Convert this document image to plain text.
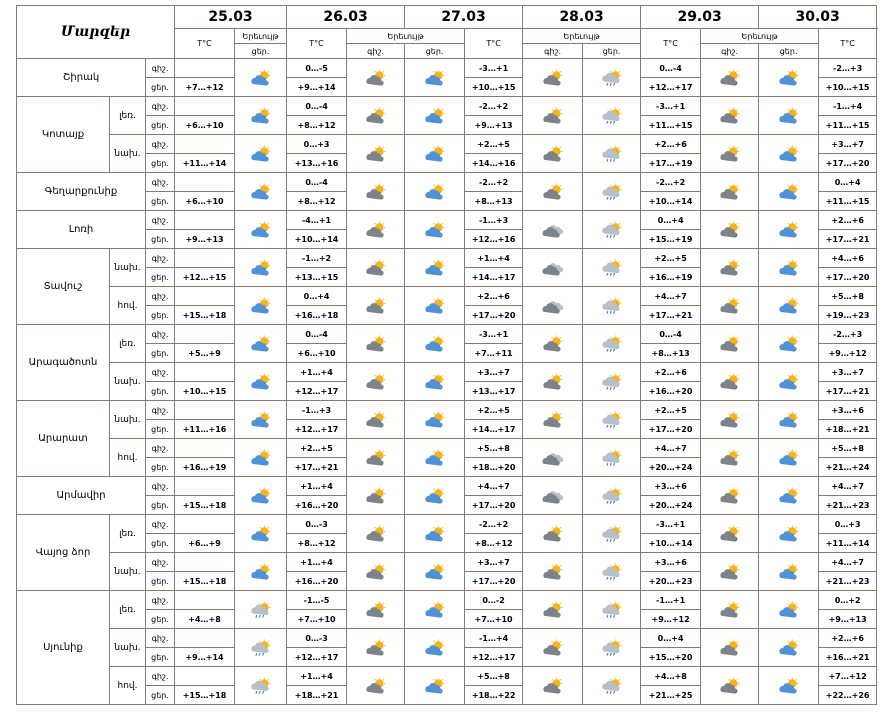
Մարզեր			25.03		26.03		27.03		28.03		29.03		30.03		
			T°C	Երեւույթ	T°C	Երեւույթ		T°C	Երեւույթ		T°C	Երեւույթ		T°C			
				ցեր.		գիշ.	ցեր.		գիշ.	ցեր.		գիշ.	ցեր.				
Շիրակ		գիշ.			0…-5			-3…+1			0…-4			-2…+3	

		ցեր.	+7…+12		+9…+14			+10…+15			+12…+17			+10…+15	
Կոտայք	լեռ.	գիշ.			0…-4			-2…+2			-3…+1			-1…+4	

		ցեր.	+6…+10		+8…+12			+9…+13			+11…+15			+11…+15	
	նախ.	գիշ.			0…+3			+2…+5			+2…+6			+3…+7	

		ցեր.	+11…+14		+13…+16			+14…+16			+17…+19			+17…+20	
Գեղարքունիք		գիշ.			0…-4			-2…+2			-2…+2			0…+4	

		ցեր.	+6…+10		+8…+12			+8…+13			+10…+14			+11…+15	
Լոռի		գիշ.			-4…+1			-1…+3			0…+4			+2…+6	

		ցեր.	+9…+13		+10…+14			+12…+16			+15…+19			+17…+21	
Տավուշ	նախ.	գիշ.			-1…+2			+1…+4			+2…+5			+4…+6	

		ցեր.	+12…+15		+13…+15			+14…+17			+16…+19			+17…+20	
	հով.	գիշ.			0…+4			+2…+6			+4…+7			+5…+8	

		ցեր.	+15…+18		+16…+18			+17…+20			+17…+21			+19…+23	
Արագածոտն	լեռ.	գիշ.			0…-4			-3…+1			0…-4			-2…+3	

		ցեր.	+5…+9		+6…+10			+7…+11			+8…+13			+9…+12	
	նախ.	գիշ.			+1…+4			+3…+7			+2…+6			+3…+7	

		ցեր.	+10…+15		+12…+17			+13…+17			+16…+20			+17…+21	
Արարատ	նախ.	գիշ.			-1…+3			+2…+5			+2…+5			+3…+6	

		ցեր.	+11…+16		+12…+17			+14…+17			+17…+20			+18…+21	
	հով.	գիշ.			+2…+5			+5…+8			+4…+7			+5…+8	

		ցեր.	+16…+19		+17…+21			+18…+20			+20…+24			+21…+24	
Արմավիր		գիշ.			+1…+4			+4…+7			+3…+6			+4…+7	

		ցեր.	+15…+18		+16…+20			+17…+20			+20…+24			+21…+23	
Վայոց ձոր	լեռ.	գիշ.			0…-3			-2…+2			-3…+1			0…+3	

		ցեր.	+6…+9		+8…+12			+8…+12			+10…+14			+11…+14	
	նախ.	գիշ.			+1…+4			+3…+7			+3…+6			+4…+7	

		ցեր.	+15…+18		+16…+20			+17…+20			+20…+23			+21…+23	
Սյունիք	լեռ.	գիշ.			-1…-5			0…-2			-1…+1			0…+2	

		ցեր.	+4…+8		+7…+10			+7…+10			+9…+12			+9…+13	
	նախ.	գիշ.			0…-3			-1…+4			0…+4			+2…+6	

		ցեր.	+9…+14		+12…+17			+12…+17			+15…+20			+16…+21	
	հով.	գիշ.			+1…+4			+5…+8			+4…+8			+7…+12	

		ցեր.	+15…+18		+18…+21			+18…+22			+21…+25			+22…+26	
